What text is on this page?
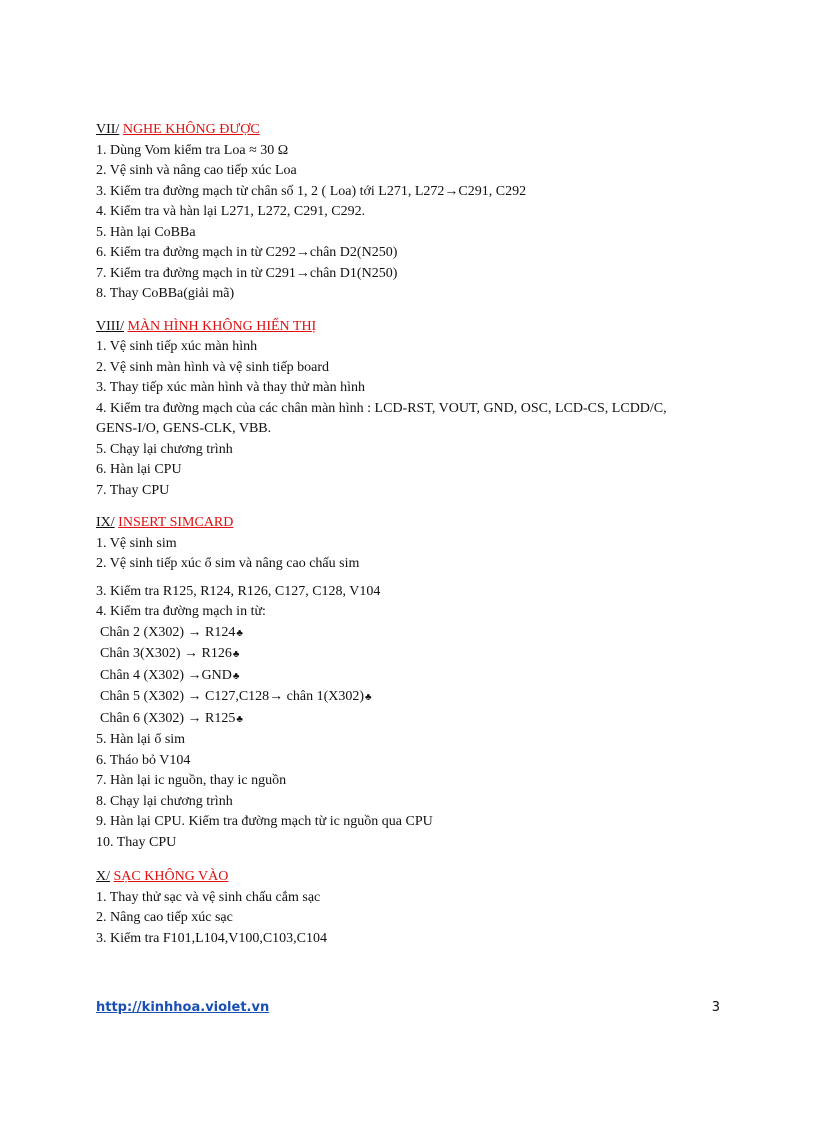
VII/ NGHE KHÔNG ĐƯỢC

1. Dùng Vom kiểm tra Loa ≈ 30 Ω

2. Vệ sinh và nâng cao tiếp xúc Loa

3. Kiểm tra đường mạch từ chân số 1, 2 ( Loa) tới L271, L272→C291, C292

4. Kiểm tra và hàn lại L271, L272, C291, C292.

5. Hàn lại CoBBa

6. Kiểm tra đường mạch in từ C292→chân D2(N250)

7. Kiểm tra đường mạch in từ C291→chân D1(N250)

8. Thay CoBBa(giải mã)

VIII/ MÀN HÌNH KHÔNG HIỂN THỊ

1. Vệ sinh tiếp xúc màn hình

2. Vệ sinh màn hình và vệ sinh tiếp board

3. Thay tiếp xúc màn hình và thay thử màn hình

4. Kiểm tra đường mạch của các chân màn hình : LCD-RST, VOUT, GND, OSC, LCD-CS, LCDD/C, GENS-I/O, GENS-CLK, VBB.

5. Chạy lại chương trình

6. Hàn lại CPU

7. Thay CPU

IX/ INSERT SIMCARD

1. Vệ sinh sim

2. Vệ sinh tiếp xúc ổ sim và nâng cao chấu sim

3. Kiểm tra R125, R124, R126, C127, C128, V104

4. Kiểm tra đường mạch in từ:

Chân 2 (X302) → R124♣

Chân 3(X302) → R126♣

Chân 4 (X302) →GND♣

Chân 5 (X302) → C127,C128→ chân 1(X302)♣

Chân 6 (X302) → R125♣

5. Hàn lại ổ sim

6. Tháo bỏ V104

7. Hàn lại ic nguồn, thay ic nguồn

8. Chạy lại chương trình

9. Hàn lại CPU. Kiểm tra đường mạch từ ic nguồn qua CPU

10. Thay CPU

X/ SẠC KHÔNG VÀO

1. Thay thử sạc và vệ sinh chấu cắm sạc

2. Nâng cao tiếp xúc sạc

3. Kiểm tra F101,L104,V100,C103,C104

http://kinhhoa.violet.vn	3
